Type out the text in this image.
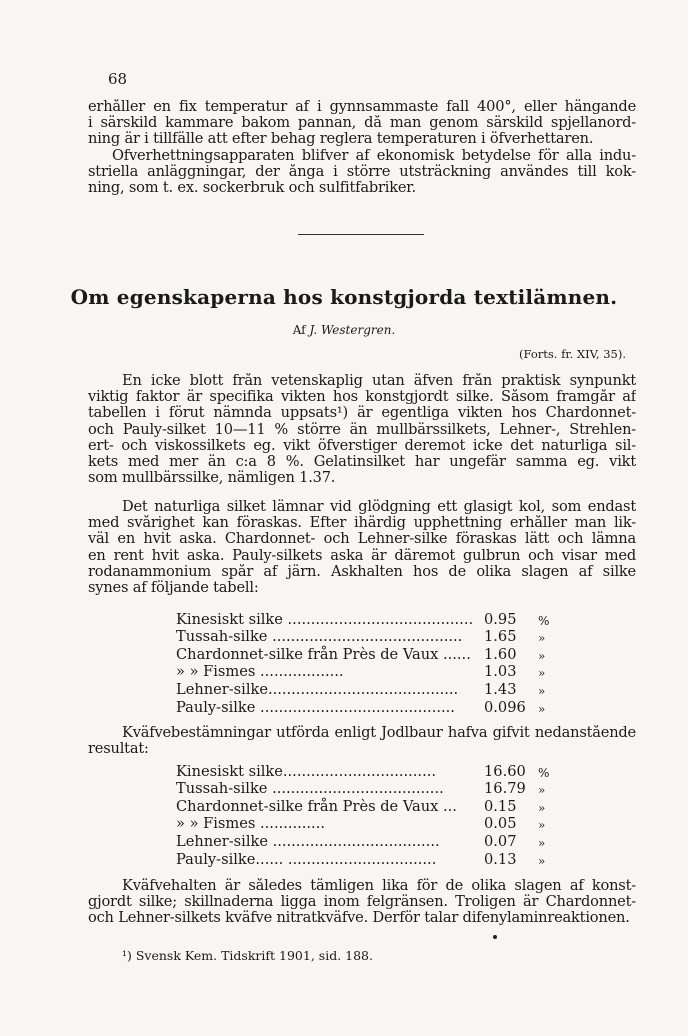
68
erhåller en fix temperatur af i gynnsammaste fall 400°, eller hängande
i särskild kammare bakom pannan, då man genom särskild spjellanord-
ning är i tillfälle att efter behag reglera temperaturen i öfverhettaren.
Öfverhettningsapparaten blifver af ekonomisk betydelse för alla indu-
striella anläggningar, der ånga i större utsträckning användes till kok-
ning, som t. ex. sockerbruk och sulfitfabriker.
Om egenskaperna hos konstgjorda textilämnen.
Af J. Westergren.
(Forts. fr. XIV, 35).
En icke blott från vetenskaplig utan äfven från praktisk synpunkt
viktig faktor är specifika vikten hos konstgjordt silke. Såsom framgår af
tabellen i förut nämnda uppsats¹) är egentliga vikten hos Chardonnet-
och Pauly-silket 10—11 % större än mullbärssilkets, Lehner-, Strehlen-
ert- och viskossilkets eg. vikt öfverstiger deremot icke det naturliga sil-
kets med mer än c:a 8 %. Gelatinsilket har ungefär samma eg. vikt
som mullbärssilke, nämligen 1.37.
Det naturliga silket lämnar vid glödgning ett glasigt kol, som endast
med svårighet kan föraskas. Efter ihärdig upphettning erhåller man lik-
väl en hvit aska. Chardonnet- och Lehner-silke föraskas lätt och lämna
en rent hvit aska. Pauly-silkets aska är däremot gulbrun och visar med
rodanammonium spår af järn. Askhalten hos de olika slagen af silke
synes af följande tabell:
Kinesiskt silke ........................................	0.95	%
Tussah-silke .........................................	1.65	»
Chardonnet-silke från Près de Vaux ......	1.60	»
» » Fismes ..................	1.03	»
Lehner-silke.........................................	1.43	»
Pauly-silke ..........................................	0.096	»
Kväfvebestämningar utförda enligt Jodlbaur hafva gifvit nedanstående
resultat:
Kinesiskt silke.................................	16.60	%
Tussah-silke .....................................	16.79	»
Chardonnet-silke från Près de Vaux ...	0.15	»
» » Fismes ..............	0.05	»
Lehner-silke ....................................	0.07	»
Pauly-silke...... ................................	0.13	»
Kväfvehalten är således tämligen lika för de olika slagen af konst-
gjordt silke; skillnaderna ligga inom felgränsen. Troligen är Chardonnet-
och Lehner-silkets kväfve nitratkväfve. Derför talar difenylaminreaktionen.
¹) Svensk Kem. Tidskrift 1901, sid. 188.
